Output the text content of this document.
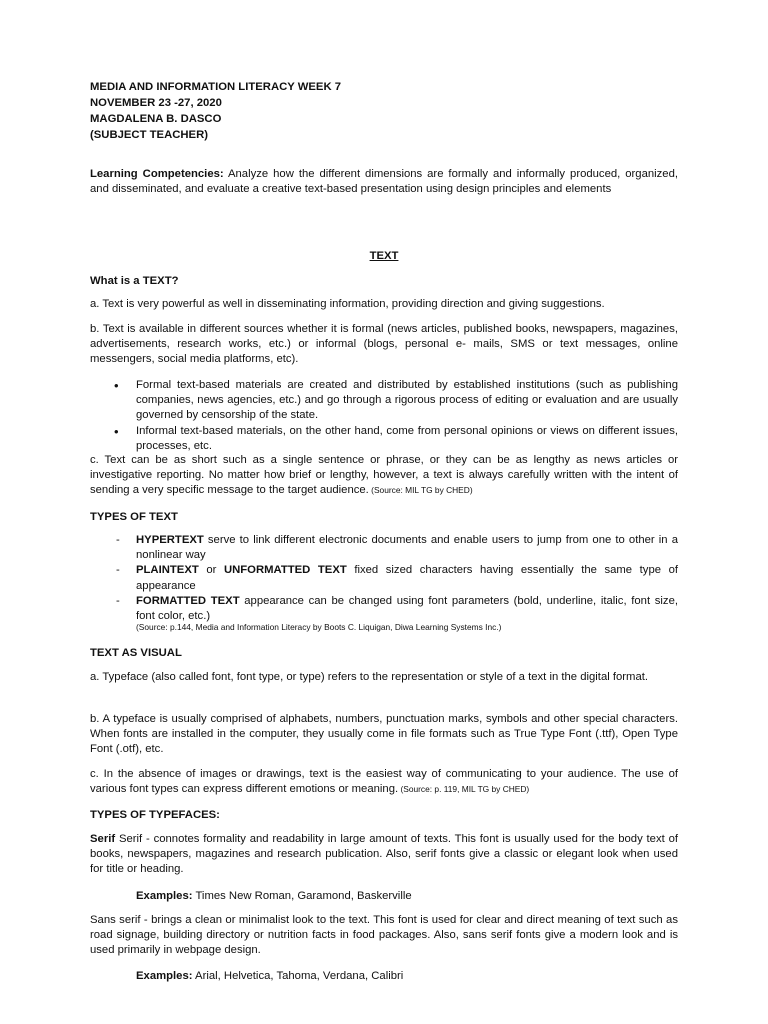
MEDIA AND INFORMATION LITERACY WEEK 7
NOVEMBER 23 -27, 2020
MAGDALENA B. DASCO
(SUBJECT TEACHER)

Learning Competencies: Analyze how the different dimensions are formally and informally produced, organized, and disseminated, and evaluate a creative text-based presentation using design principles and elements

TEXT

What is a TEXT?

a. Text is very powerful as well in disseminating information, providing direction and giving suggestions.

b. Text is available in different sources whether it is formal (news articles, published books, newspapers, magazines, advertisements, research works, etc.) or informal (blogs, personal e- mails, SMS or text messages, online messengers, social media platforms, etc).

• Formal text-based materials are created and distributed by established institutions (such as publishing companies, news agencies, etc.) and go through a rigorous process of editing or evaluation and are usually governed by censorship of the state.
• Informal text-based materials, on the other hand, come from personal opinions or views on different issues, processes, etc.

c. Text can be as short such as a single sentence or phrase, or they can be as lengthy as news articles or investigative reporting. No matter how brief or lengthy, however, a text is always carefully written with the intent of sending a very specific message to the target audience. (Source: MIL TG by CHED)

TYPES OF TEXT

- HYPERTEXT serve to link different electronic documents and enable users to jump from one to other in a nonlinear way
- PLAINTEXT or UNFORMATTED TEXT fixed sized characters having essentially the same type of appearance
- FORMATTED TEXT appearance can be changed using font parameters (bold, underline, italic, font size, font color, etc.)

(Source: p.144, Media and Information Literacy by Boots C. Liquigan, Diwa Learning Systems Inc.)

TEXT AS VISUAL

a. Typeface (also called font, font type, or type) refers to the representation or style of a text in the digital format.

b. A typeface is usually comprised of alphabets, numbers, punctuation marks, symbols and other special characters. When fonts are installed in the computer, they usually come in file formats such as True Type Font (.ttf), Open Type Font (.otf), etc.

c. In the absence of images or drawings, text is the easiest way of communicating to your audience. The use of various font types can express different emotions or meaning. (Source: p. 119, MIL TG by CHED)

TYPES OF TYPEFACES:

Serif Serif - connotes formality and readability in large amount of texts. This font is usually used for the body text of books, newspapers, magazines and research publication. Also, serif fonts give a classic or elegant look when used for title or heading.

Examples: Times New Roman, Garamond, Baskerville

Sans serif - brings a clean or minimalist look to the text. This font is used for clear and direct meaning of text such as road signage, building directory or nutrition facts in food packages. Also, sans serif fonts give a modern look and is used primarily in webpage design.

Examples: Arial, Helvetica, Tahoma, Verdana, Calibri
